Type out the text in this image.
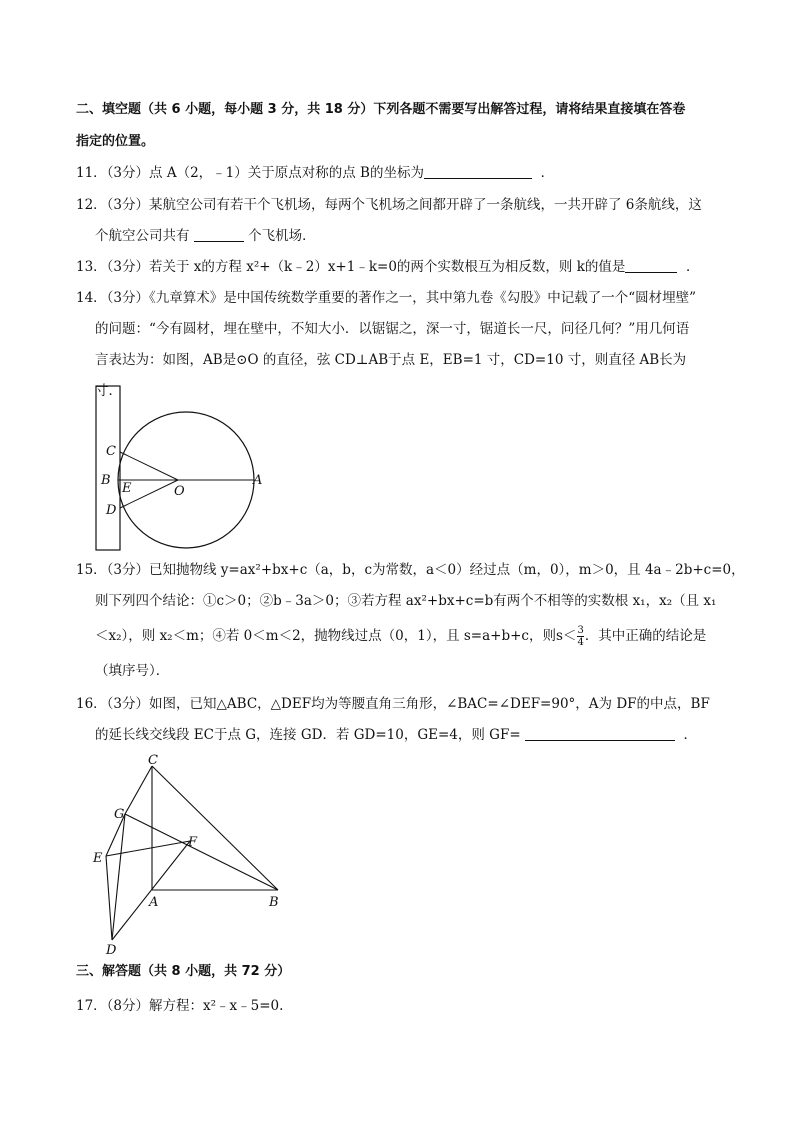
二、填空题（共 6 小题，每小题 3 分，共 18 分）下列各题不需要写出解答过程，请将结果直接填在答卷
指定的位置。
11．（3分）点 A（2，﹣1）关于原点对称的点 B的坐标为	．
12．（3分）某航空公司有若干个飞机场，每两个飞机场之间都开辟了一条航线，一共开辟了 6条航线，这
个航空公司共有	个飞机场．
13．（3分）若关于 x的方程 x²+（k﹣2）x+1﹣k=0的两个实数根互为相反数，则 k的值是	．
14．（3分）《九章算术》是中国传统数学重要的著作之一，其中第九卷《勾股》中记载了一个“圆材埋壁”
的问题：“今有圆材，埋在壁中，不知大小．以锯锯之，深一寸，锯道长一尺，问径几何？”用几何语
言表达为：如图，AB是⊙O 的直径，弦 CD⊥AB于点 E，EB=1 寸，CD=10 寸，则直径 AB长为
寸．
C
B
E	O
A
D
15．（3分）已知抛物线 y=ax²+bx+c（a，b，c为常数，a＜0）经过点（m，0），m＞0，且 4a﹣2b+c=0，
则下列四个结论：①c＞0；②b﹣3a＞0；③若方程 ax²+bx+c=b有两个不相等的实数根 x₁，x₂（且 x₁
＜x₂），则 x₂＜m；④若 0＜m＜2，抛物线过点（0，1），且 s=a+b+c，则$s< \frac{3}{4}$ ．其中正确的结论是
（填序号）．
16．（3分）如图，已知△ABC，△DEF均为等腰直角三角形，∠BAC=∠DEF=90°，A为 DF的中点，BF
的延长线交线段 EC于点 G，连接 GD．若 GD=10，GE=4，则 GF=	．
C
G
E
F
A	B
D
三、解答题（共 8 小题，共 72 分）
17．（8分）解方程：x²﹣x﹣5=0.
